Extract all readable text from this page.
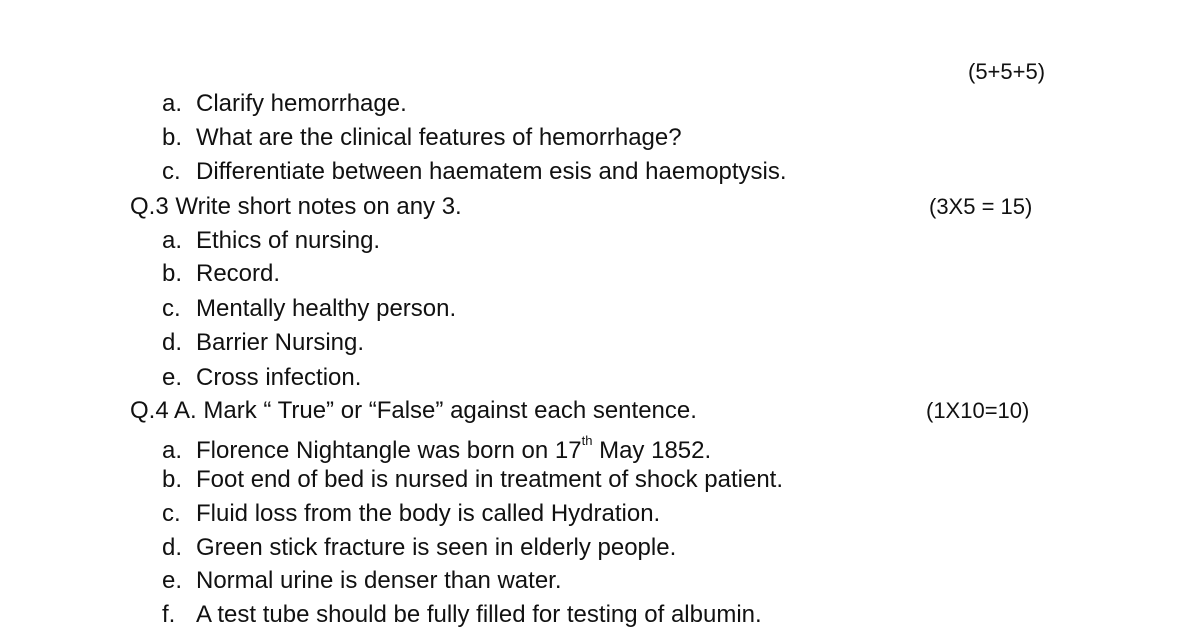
(5+5+5)
a. Clarify hemorrhage.
b. What are the clinical features of hemorrhage?
c. Differentiate between haematem esis and haemoptysis.
Q.3 Write short notes on any 3.	(3X5 = 15)
a. Ethics of nursing.
b. Record.
c. Mentally healthy person.
d. Barrier Nursing.
e. Cross infection.
Q.4 A. Mark “ True” or “False” against each sentence.	(1X10=10)
a. Florence Nightangle was born on 17th May 1852.
b. Foot end of bed is nursed in treatment of shock patient.
c. Fluid loss from the body is called Hydration.
d. Green stick fracture is seen in elderly people.
e. Normal urine is denser than water.
f. A test tube should be fully filled for testing of albumin.
